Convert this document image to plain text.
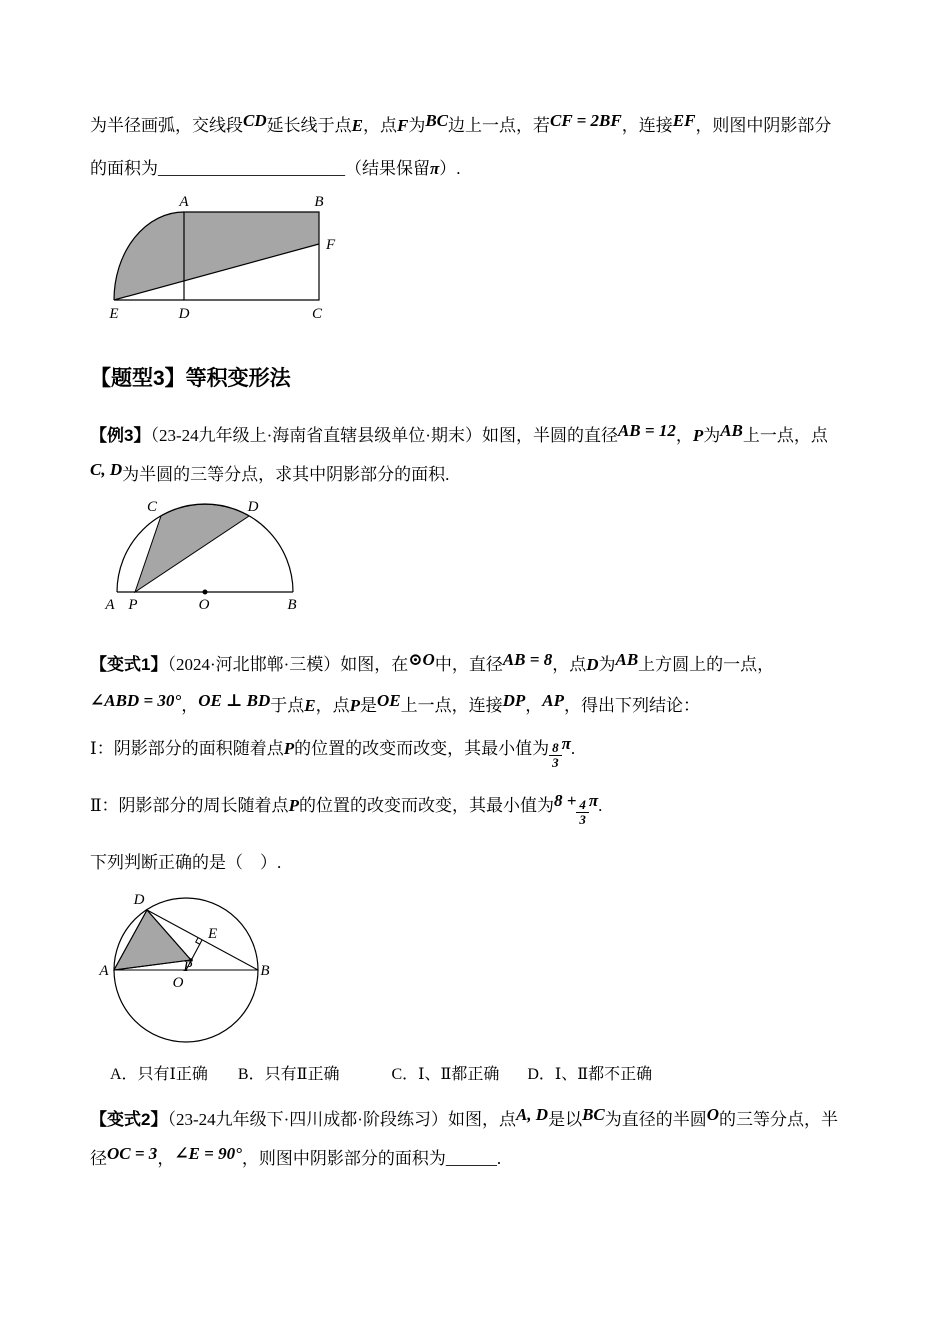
为半径画弧，交线段CD延长线于点E，点F为BC边上一点，若CF = 2BF，连接EF，则图中阴影部分
的面积为______________________（结果保留π）.
A	B
F
E	D	C
【题型3】等积变形法
【例3】（23-24九年级上·海南省直辖县级单位·期末）如图，半圆的直径AB = 12，P为AB上一点，点
C, D为半圆的三等分点，求其中阴影部分的面积.
C	D
A P	O	B
【变式1】（2024·河北邯郸·三模）如图，在⊙O中，直径AB = 8，点D为AB上方圆上的一点，
∠ABD = 30°，OE ⊥ BD于点E，点P是OE上一点，连接DP，AP，得出下列结论：
Ⅰ：阴影部分的面积随着点P的位置的改变而改变，其最小值为 $\frac{8}{3} \pi$.
Ⅱ：阴影部分的周长随着点P的位置的改变而改变，其最小值为$8 + \frac{4}{3} \pi$.
下列判断正确的是（　）.
D
E
P
A
O
B
A．只有Ⅰ正确 B．只有Ⅱ正确	C．Ⅰ、Ⅱ都正确 D．Ⅰ、Ⅱ都不正确
【变式2】（23-24九年级下·四川成都·阶段练习）如图，点A, D是以BC为直径的半圆O的三等分点，半
径OC = 3，∠E = 90°，则图中阴影部分的面积为______.
